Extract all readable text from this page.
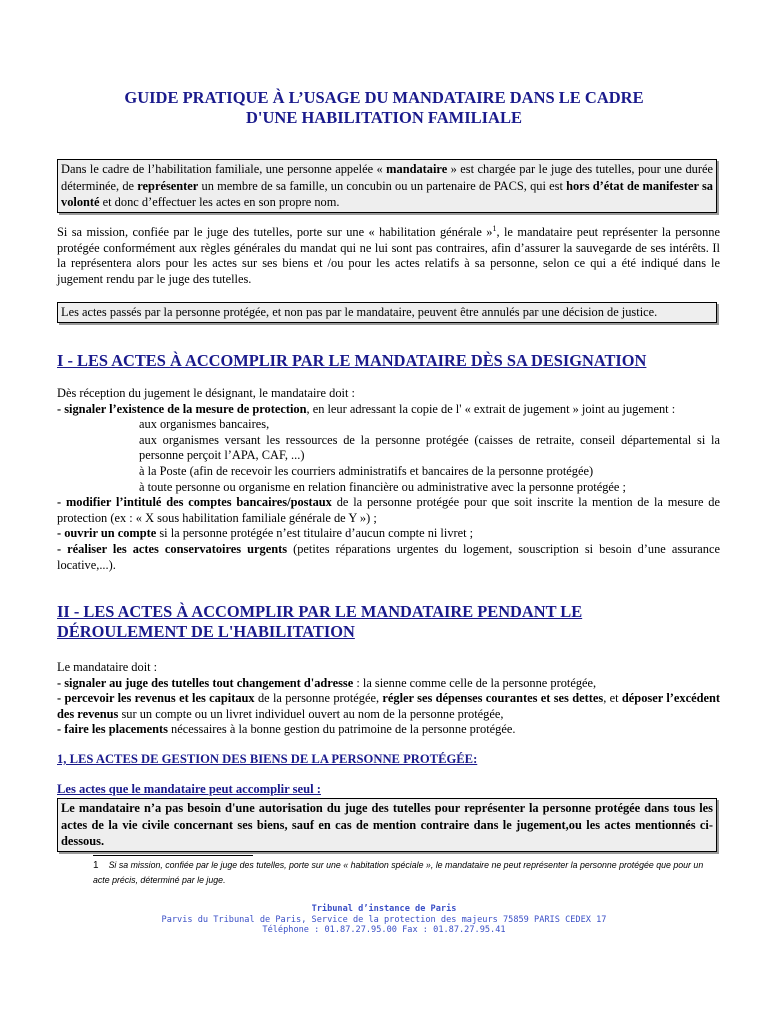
GUIDE PRATIQUE À L’USAGE DU MANDATAIRE DANS LE CADRE
D'UNE HABILITATION FAMILIALE
Dans le cadre de l’habilitation familiale, une personne appelée « mandataire » est chargée par le juge des tutelles, pour une durée déterminée, de représenter un membre de sa famille, un concubin ou un partenaire de PACS, qui est hors d’état de manifester sa volonté et donc d’effectuer les actes en son propre nom.
Si sa mission, confiée par le juge des tutelles, porte sur une « habilitation générale »$^1$, le mandataire peut représenter la personne protégée conformément aux règles générales du mandat qui ne lui sont pas contraires, afin d’assurer la sauvegarde de ses intérêts. Il la représentera alors pour les actes sur ses biens et /ou pour les actes relatifs à sa personne, selon ce qui a été indiqué dans le jugement rendu par le juge des tutelles.
Les actes passés par la personne protégée, et non pas par le mandataire, peuvent être annulés par une décision de justice.
I - LES ACTES À ACCOMPLIR PAR LE MANDATAIRE DÈS SA DESIGNATION
Dès réception du jugement le désignant, le mandataire doit :
- signaler l’existence de la mesure de protection, en leur adressant la copie de l' « extrait de jugement » joint au jugement :
aux organismes bancaires,
aux organismes versant les ressources de la personne protégée (caisses de retraite, conseil départemental si la personne perçoit l’APA, CAF, ...)
à la Poste (afin de recevoir les courriers administratifs et bancaires de la personne protégée)
à toute personne ou organisme en relation financière ou administrative avec la personne protégée ;
- modifier l’intitulé des comptes bancaires/postaux de la personne protégée pour que soit inscrite la mention de la mesure de protection (ex : « X sous habilitation familiale générale de Y ») ;
- ouvrir un compte si la personne protégée n’est titulaire d’aucun compte ni livret ;
- réaliser les actes conservatoires urgents (petites réparations urgentes du logement, souscription si besoin d’une assurance locative,...).
II - LES ACTES À ACCOMPLIR PAR LE MANDATAIRE PENDANT LE
DÉROULEMENT DE L'HABILITATION
Le mandataire doit :
- signaler au juge des tutelles tout changement d'adresse : la sienne comme celle de la personne protégée,
- percevoir les revenus et les capitaux de la personne protégée, régler ses dépenses courantes et ses dettes, et déposer l’excédent des revenus sur un compte ou un livret individuel ouvert au nom de la personne protégée,
- faire les placements nécessaires à la bonne gestion du patrimoine de la personne protégée.
1, LES ACTES DE GESTION DES BIENS DE LA PERSONNE PROTÉGÉE:
Les actes que le mandataire peut accomplir seul :
Le mandataire n’a pas besoin d'une autorisation du juge des tutelles pour représenter la personne protégée dans tous les actes de la vie civile concernant ses biens, sauf en cas de mention contraire dans le jugement,ou les actes mentionnés ci-dessous.
1 Si sa mission, confiée par le juge des tutelles, porte sur une « habitation spéciale », le mandataire ne peut représenter la personne protégée que pour un acte précis, déterminé par le juge.
Tribunal d’instance de Paris
Parvis du Tribunal de Paris, Service de la protection des majeurs 75859 PARIS CEDEX 17
Téléphone : 01.87.27.95.00 Fax : 01.87.27.95.41
